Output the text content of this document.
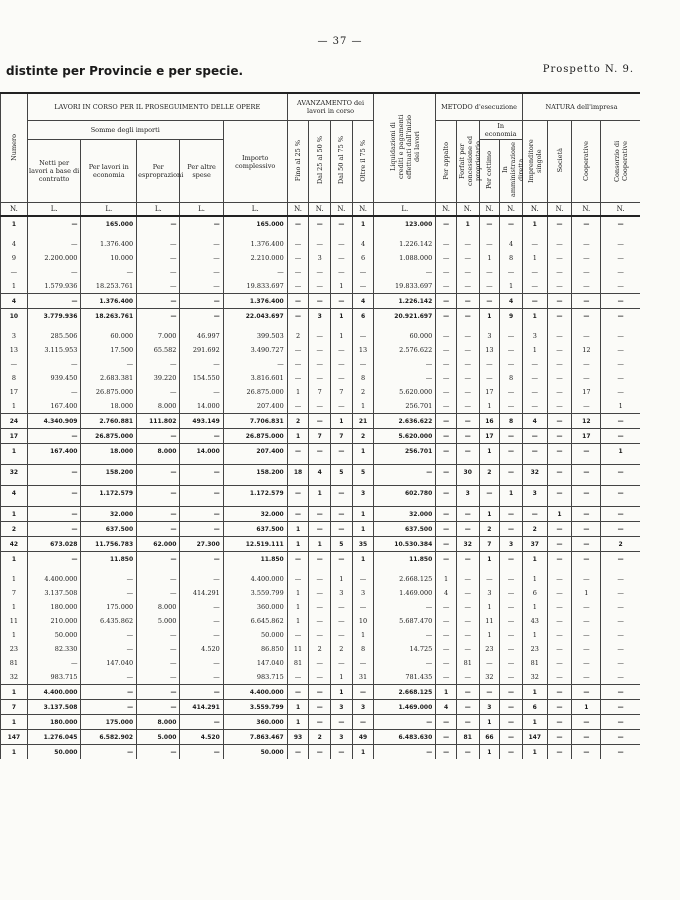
— 37 —
distinte per Provincie e per specie.	Prospetto N. 9.
Numero	LAVORI IN CORSO PER IL PROSEGUIMENTO DELLE OPERE					AVANZAMENTO dei lavori in corso				Liquidazioni di crediti e pagamenti effettuati dall'inizio dei lavori	METODO d'esecuzione				NATURA dell'impresa			
	Somme degli importi				Importo complessivo	Fino al 25 %	Dal 25 al 50 %	Dal 50 al 75 %	Oltre il 75 %		Per appalto	Forfait per concessione ed proprietario	In economia		Imprenditore singole	Società	Cooperative	Consorzio di Cooperative
	Netti per lavori a base di contratto	Per lavori in economia	Per esproprazioni	Per altre spese									Per cottimo	In amministrazione diretta				
N.	L.	L.	L.	L.	L.	N.	N.	N.	N.	L.	N.	N.	N.	N.	N.	N.	N.	N.
1	—	165.000	—	—	165.000	—	—	—	1	123.000	—	1	—	—	1	—	—	—

4	—	1.376.400	—	—	1.376.400	—	—	—	4	1.226.142	—	—	—	4	—	—	—	—
9	2.200.000	10.000	—	—	2.210.000	—	3	—	6	1.088.000	—	—	1	8	1	—	—	—
—	—	—	—	—	—	—	—	—	—	—	—	—	—	—	—	—	—	—
1	1.579.936	18.253.761	—	—	19.833.697	—	—	1	—	19.833.697	—	—	—	1	—	—	—	—
4	—	1.376.400	—	—	1.376.400	—	—	—	4	1.226.142	—	—	—	4	—	—	—	—
10	3.779.936	18.263.761	—	—	22.043.697	—	3	1	6	20.921.697	—	—	1	9	1	—	—	—

3	285.506	60.000	7.000	46.997	399.503	2	—	1	—	60.000	—	—	3	—	3	—	—	—
13	3.115.953	17.500	65.582	291.692	3.490.727	—	—	—	13	2.576.622	—	—	13	—	1	—	12	—
—	—	—	—	—	—	—	—	—	—	—	—	—	—	—	—	—	—	—
8	939.450	2.683.381	39.220	154.550	3.816.601	—	—	—	8	—	—	—	—	8	—	—	—	—
17	—	26.875.000	—	—	26.875.000	1	7	7	2	5.620.000	—	—	17	—	—	—	17	—
1	167.400	18.000	8.000	14.000	207.400	—	—	—	1	256.701	—	—	1	—	—	—	—	1
24	4.340.909	2.760.881	111.802	493.149	7.706.831	2	—	1	21	2.636.622	—	—	16	8	4	—	12	—
17	—	26.875.000	—	—	26.875.000	1	7	7	2	5.620.000	—	—	17	—	—	—	17	—
1	167.400	18.000	8.000	14.000	207.400	—	—	—	1	256.701	—	—	1	—	—	—	—	1

32	—	158.200	—	—	158.200	18	4	5	5	—	—	30	2	—	32	—	—	—

4	—	1.172.579	—	—	1.172.579	—	1	—	3	602.780	—	3	—	1	3	—	—	—

1	—	32.000	—	—	32.000	—	—	—	1	32.000	—	—	1	—	—	1	—	—
2	—	637.500	—	—	637.500	1	—	—	1	637.500	—	—	2	—	2	—	—	—
42	673.028	11.756.783	62.000	27.300	12.519.111	1	1	5	35	10.530.384	—	32	7	3	37	—	—	2
1	—	11.850	—	—	11.850	—	—	—	1	11.850	—	—	1	—	1	—	—	—

1	4.400.000	—	—	—	4.400.000	—	—	1	—	2.668.125	1	—	—	—	1	—	—	—
7	3.137.508	—	—	414.291	3.559.799	1	—	3	3	1.469.000	4	—	3	—	6	—	1	—
1	180.000	175.000	8.000	—	360.000	1	—	—	—	—	—	—	1	—	1	—	—	—
11	210.000	6.435.862	5.000	—	6.645.862	1	—	—	10	5.687.470	—	—	11	—	43	—	—	—
1	50.000	—	—	—	50.000	—	—	—	1	—	—	—	1	—	1	—	—	—
23	82.330	—	—	4.520	86.850	11	2	2	8	14.725	—	—	23	—	23	—	—	—
81	—	147.040	—	—	147.040	81	—	—	—	—	—	81	—	—	81	—	—	—
32	983.715	—	—	—	983.715	—	—	1	31	781.435	—	—	32	—	32	—	—	—
1	4.400.000	—	—	—	4.400.000	—	—	1	—	2.668.125	1	—	—	—	1	—	—	—
7	3.137.508	—	—	414.291	3.559.799	1	—	3	3	1.469.000	4	—	3	—	6	—	1	—
1	180.000	175.000	8.000	—	360.000	1	—	—	—	—	—	—	1	—	1	—	—	—
147	1.276.045	6.582.902	5.000	4.520	7.863.467	93	2	3	49	6.483.630	—	81	66	—	147	—	—	—
1	50.000	—	—	—	50.000	—	—	—	1	—	—	—	1	—	1	—	—	—
